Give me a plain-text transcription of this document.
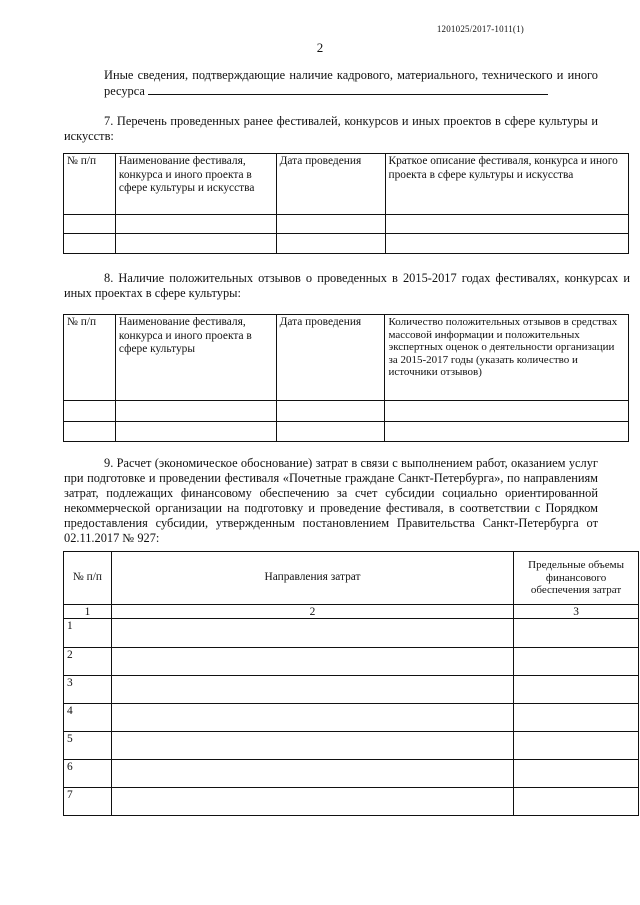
1201025/2017-1011(1)
2
Иные сведения, подтверждающие наличие кадрового, материального, технического и иного ресурса
7. Перечень проведенных ранее фестивалей, конкурсов и иных проектов в сфере культуры и искусств:
№ п/п	Наименование фестиваля, конкурса и иного проекта в сфере культуры и искусства	Дата проведения	Краткое описание фестиваля, конкурса и иного проекта в сфере культуры и искусства

8. Наличие положительных отзывов о проведенных в 2015-2017 годах фестивалях, конкурсах и иных проектах в сфере культуры:
№ п/п	Наименование фестиваля, конкурса и иного проекта в сфере культуры	Дата проведения	Количество положительных отзывов в средствах массовой информации и положительных экспертных оценок о деятельности организации за 2015-2017 годы (указать количество и источники отзывов)

9. Расчет (экономическое обоснование) затрат в связи с выполнением работ, оказанием услуг при подготовке и проведении фестиваля «Почетные граждане Санкт-Петербурга», по направлениям затрат, подлежащих финансовому обеспечению за счет субсидии социально ориентированной некоммерческой организации на подготовку и проведение фестиваля, в соответствии с Порядком предоставления субсидии, утвержденным постановлением Правительства Санкт-Петербурга от 02.11.2017 № 927:
№ п/п	Направления затрат	Предельные объемы финансового обеспечения затрат
1	2	3
1		
2		
3		
4		
5		
6		
7		
